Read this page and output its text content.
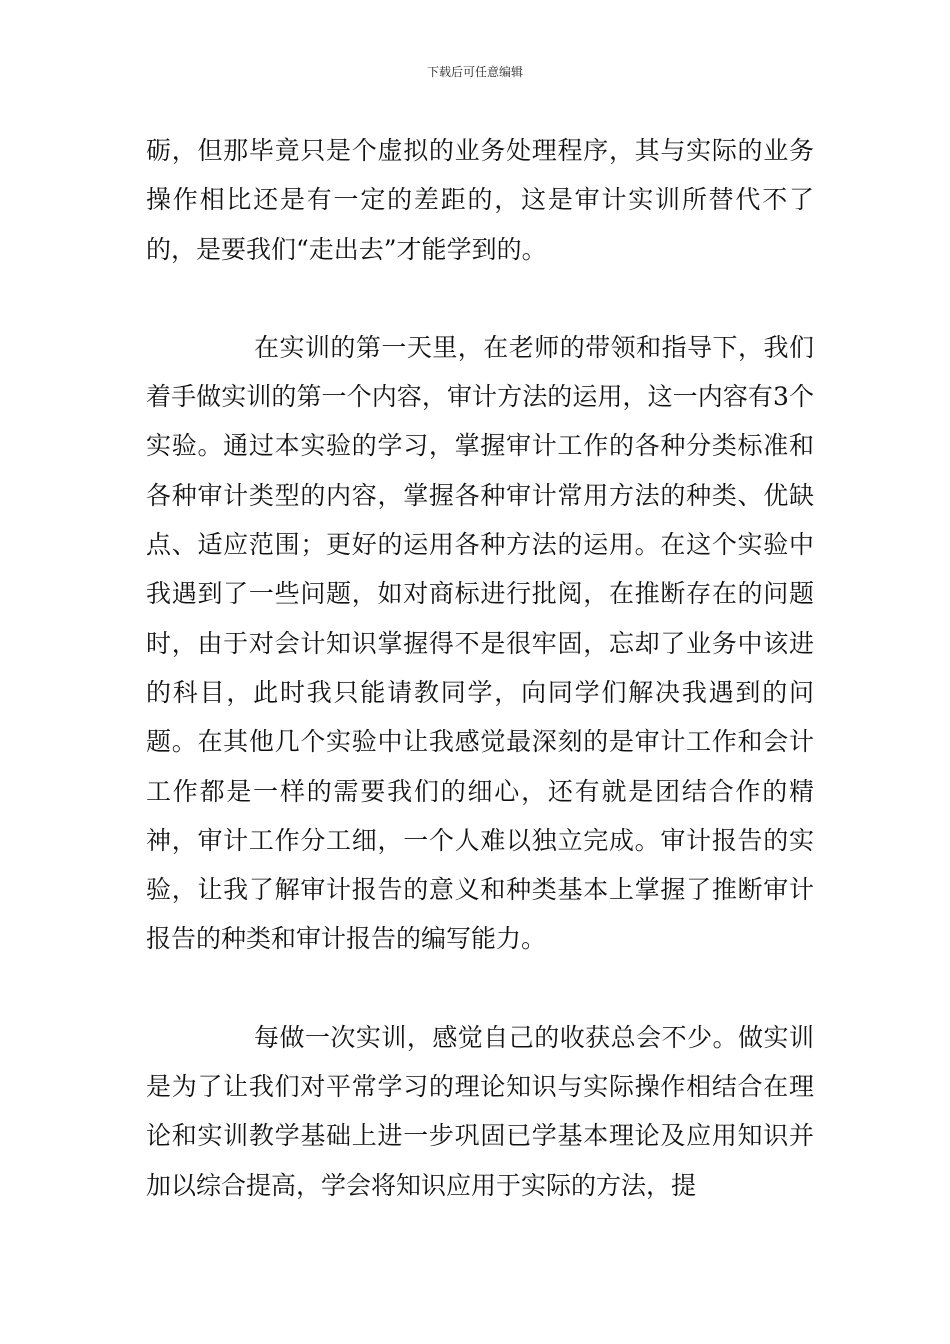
下载后可任意编辑

砺，但那毕竟只是个虚拟的业务处理程序，其与实际的业务操作相比还是有一定的差距的，这是审计实训所替代不了的，是要我们“走出去”才能学到的。

在实训的第一天里，在老师的带领和指导下，我们着手做实训的第一个内容，审计方法的运用，这一内容有3个实验。通过本实验的学习，掌握审计工作的各种分类标准和各种审计类型的内容，掌握各种审计常用方法的种类、优缺点、适应范围；更好的运用各种方法的运用。在这个实验中我遇到了一些问题，如对商标进行批阅，在推断存在的问题时，由于对会计知识掌握得不是很牢固，忘却了业务中该进的科目，此时我只能请教同学，向同学们解决我遇到的问题。在其他几个实验中让我感觉最深刻的是审计工作和会计工作都是一样的需要我们的细心，还有就是团结合作的精神，审计工作分工细，一个人难以独立完成。审计报告的实验，让我了解审计报告的意义和种类基本上掌握了推断审计报告的种类和审计报告的编写能力。

每做一次实训，感觉自己的收获总会不少。做实训是为了让我们对平常学习的理论知识与实际操作相结合在理论和实训教学基础上进一步巩固已学基本理论及应用知识并加以综合提高，学会将知识应用于实际的方法，提
